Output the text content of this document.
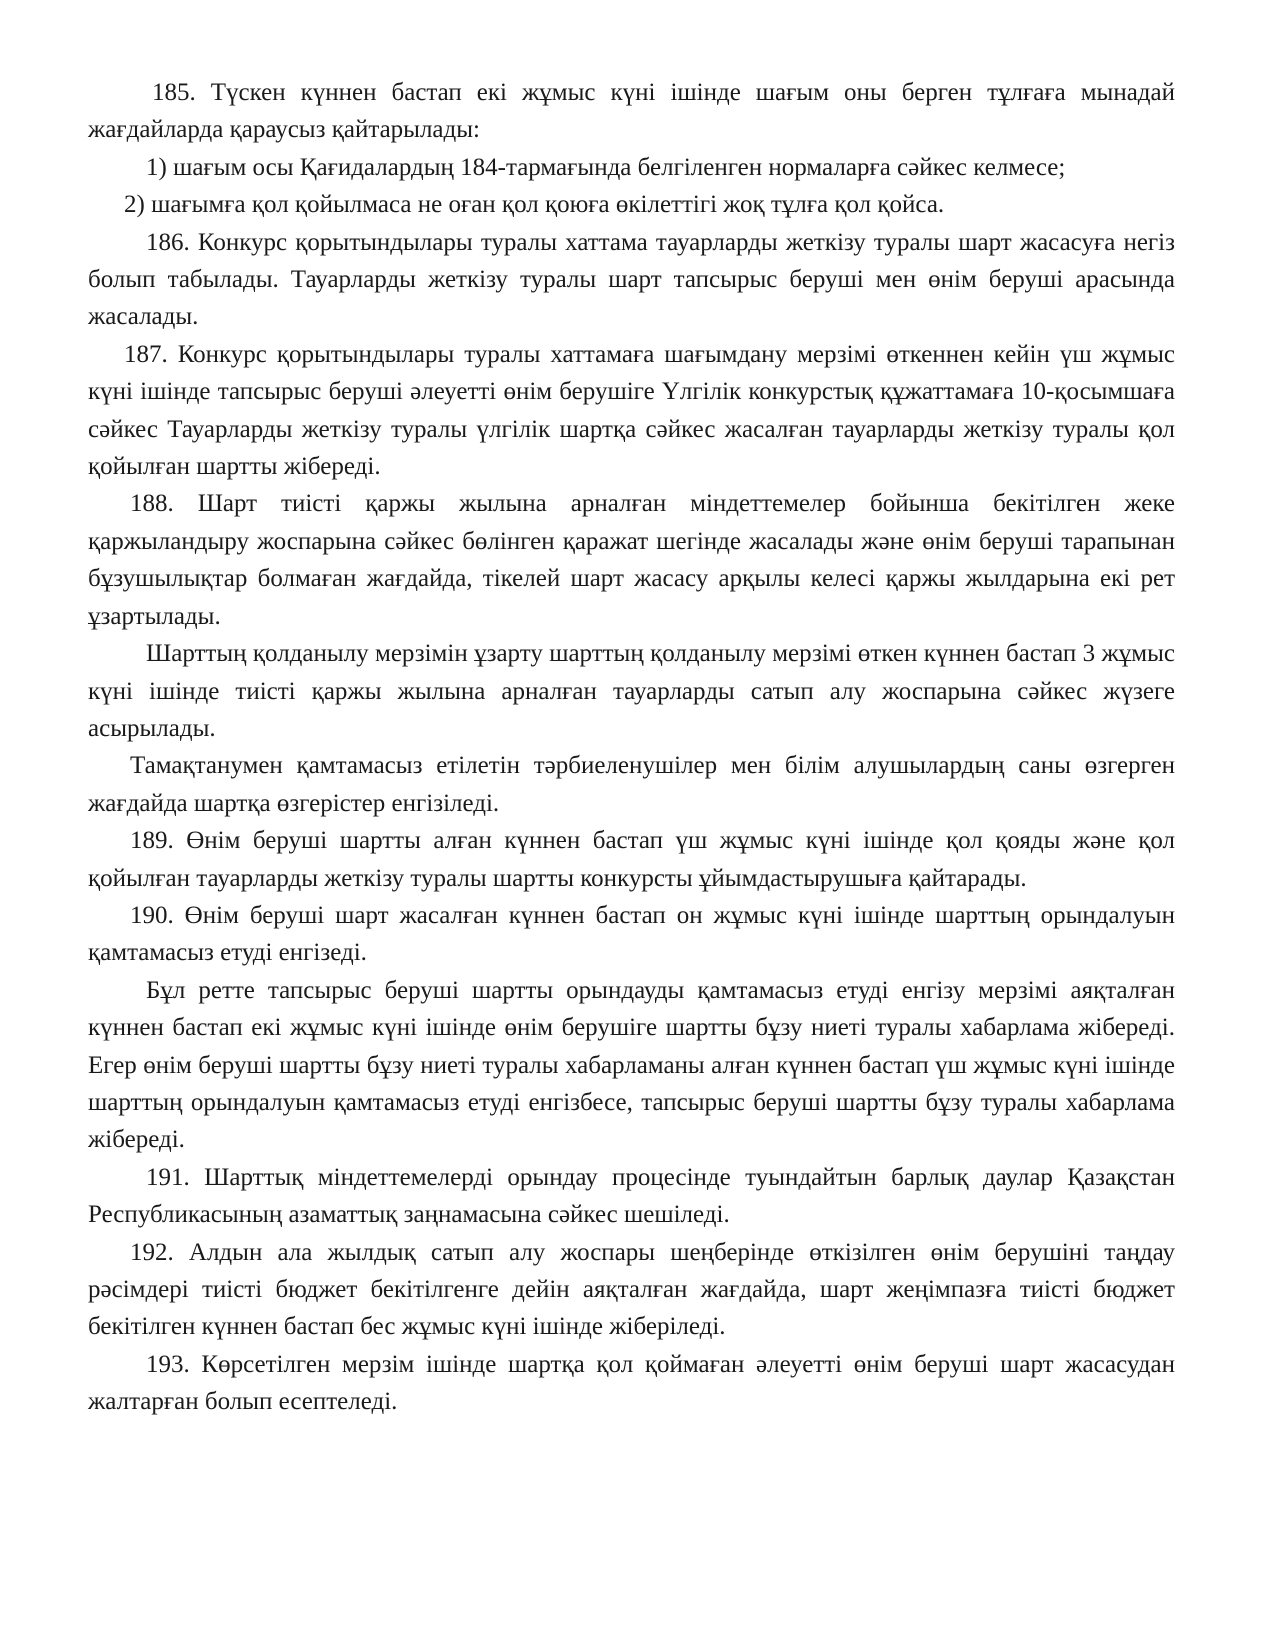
185. Түскен күннен бастап екі жұмыс күні ішінде шағым оны берген тұлғаға мынадай жағдайларда қараусыз қайтарылады:

1) шағым осы Қағидалардың 184-тармағында белгіленген нормаларға сәйкес келмесе;

2) шағымға қол қойылмаса не оған қол қоюға өкілеттігі жоқ тұлға қол қойса.

186. Конкурс қорытындылары туралы хаттама тауарларды жеткізу туралы шарт жасасуға негіз болып табылады. Тауарларды жеткізу туралы шарт тапсырыс беруші мен өнім беруші арасында жасалады.

187. Конкурс қорытындылары туралы хаттамаға шағымдану мерзімі өткеннен кейін үш жұмыс күні ішінде тапсырыс беруші әлеуетті өнім берушіге Үлгілік конкурстық құжаттамаға 10-қосымшаға сәйкес Тауарларды жеткізу туралы үлгілік шартқа сәйкес жасалған тауарларды жеткізу туралы қол қойылған шартты жібереді.

188. Шарт тиісті қаржы жылына арналған міндеттемелер бойынша бекітілген жеке қаржыландыру жоспарына сәйкес бөлінген қаражат шегінде жасалады және өнім беруші тарапынан бұзушылықтар болмаған жағдайда, тікелей шарт жасасу арқылы келесі қаржы жылдарына екі рет ұзартылады.

Шарттың қолданылу мерзімін ұзарту шарттың қолданылу мерзімі өткен күннен бастап 3 жұмыс күні ішінде тиісті қаржы жылына арналған тауарларды сатып алу жоспарына сәйкес жүзеге асырылады.

Тамақтанумен қамтамасыз етілетін тәрбиеленушілер мен білім алушылардың саны өзгерген жағдайда шартқа өзгерістер енгізіледі.

189. Өнім беруші шартты алған күннен бастап үш жұмыс күні ішінде қол қояды және қол қойылған тауарларды жеткізу туралы шартты конкурсты ұйымдастырушыға қайтарады.

190. Өнім беруші шарт жасалған күннен бастап он жұмыс күні ішінде шарттың орындалуын қамтамасыз етуді енгізеді.

Бұл ретте тапсырыс беруші шартты орындауды қамтамасыз етуді енгізу мерзімі аяқталған күннен бастап екі жұмыс күні ішінде өнім берушіге шартты бұзу ниеті туралы хабарлама жібереді. Егер өнім беруші шартты бұзу ниеті туралы хабарламаны алған күннен бастап үш жұмыс күні ішінде шарттың орындалуын қамтамасыз етуді енгізбесе, тапсырыс беруші шартты бұзу туралы хабарлама жібереді.

191. Шарттық міндеттемелерді орындау процесінде туындайтын барлық даулар Қазақстан Республикасының азаматтық заңнамасына сәйкес шешіледі.

192. Алдын ала жылдық сатып алу жоспары шеңберінде өткізілген өнім берушіні таңдау рәсімдері тиісті бюджет бекітілгенге дейін аяқталған жағдайда, шарт жеңімпазға тиісті бюджет бекітілген күннен бастап бес жұмыс күні ішінде жіберіледі.

193. Көрсетілген мерзім ішінде шартқа қол қоймаған әлеуетті өнім беруші шарт жасасудан жалтарған болып есептеледі.
